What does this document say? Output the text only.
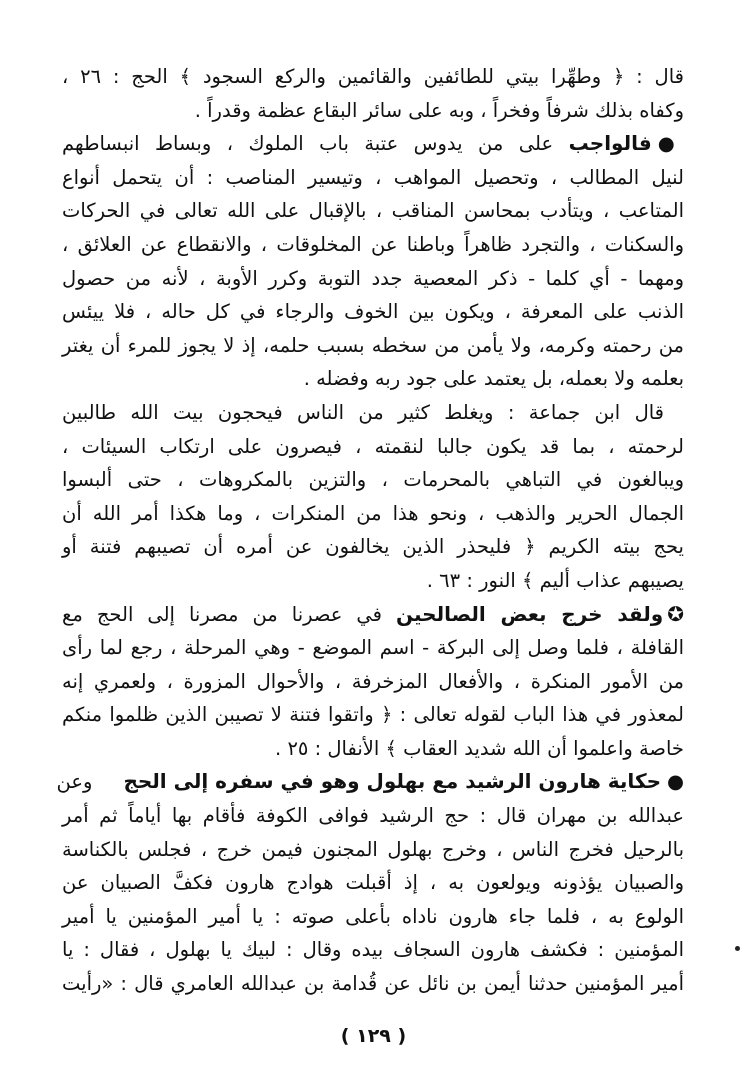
قال : ﴿ وطهِّرا بيتي للطائفين والقائمين والركع السجود ﴾ الحج : ٢٦ ،
وكفاه بذلك شرفاً وفخراً ، وبه على سائر البقاع عظمة وقدراً .
●فالواجب على من يدوس عتبة باب الملوك ، وبساط انبساطهم
لنيل المطالب ، وتحصيل المواهب ، وتيسير المناصب : أن يتحمل أنواع
المتاعب ، ويتأدب بمحاسن المناقب ، بالإقبال على الله تعالى في الحركات
والسكنات ، والتجرد ظاهراً وباطنا عن المخلوقات ، والانقطاع عن العلائق ،
ومهما - أي كلما - ذكر المعصية جدد التوبة وكرر الأوبة ، لأنه من حصول
الذنب على المعرفة ، ويكون بين الخوف والرجاء في كل حاله ، فلا ييئس
من رحمته وكرمه، ولا يأمن من سخطه بسبب حلمه، إذ لا يجوز للمرء أن يغتر
بعلمه ولا بعمله، بل يعتمد على جود ربه وفضله .
قال ابن جماعة : ويغلط كثير من الناس فيحجون بيت الله طالبين
لرحمته ، بما قد يكون جالبا لنقمته ، فيصرون على ارتكاب السيئات ،
ويبالغون في التباهي بالمحرمات ، والتزين بالمكروهات ، حتى ألبسوا
الجمال الحرير والذهب ، ونحو هذا من المنكرات ، وما هكذا أمر الله أن
يحج بيته الكريم ﴿ فليحذر الذين يخالفون عن أمره أن تصيبهم فتنة أو
يصيبهم عذاب أليم ﴾ النور : ٦٣ .
✪ولقد خرج بعض الصالحين في عصرنا من مصرنا إلى الحج مع
القافلة ، فلما وصل إلى البركة - اسم الموضع - وهي المرحلة ، رجع لما رأى
من الأمور المنكرة ، والأفعال المزخرفة ، والأحوال المزورة ، ولعمري إنه
لمعذور في هذا الباب لقوله تعالى : ﴿ واتقوا فتنة لا تصيبن الذين ظلموا منكم
خاصة واعلموا أن الله شديد العقاب ﴾ الأنفال : ٢٥ .
●حكاية هارون الرشيد مع بهلول وهو في سفره إلى الحج     وعن
عبدالله بن مهران قال : حج الرشيد فوافى الكوفة فأقام بها أياماً ثم أمر
بالرحيل فخرج الناس ، وخرج بهلول المجنون فيمن خرج ، فجلس بالكناسة
والصبيان يؤذونه ويولعون به ، إذ أقبلت هوادج هارون فكفَّ الصبيان عن
الولوع به ، فلما جاء هارون ناداه بأعلى صوته : يا أمير المؤمنين يا أمير
المؤمنين : فكشف هارون السجاف بيده وقال : لبيك يا بهلول ، فقال : يا
أمير المؤمنين حدثنا أيمن بن نائل عن قُدامة بن عبدالله العامري قال : «رأيت
( ١٢٩ )
